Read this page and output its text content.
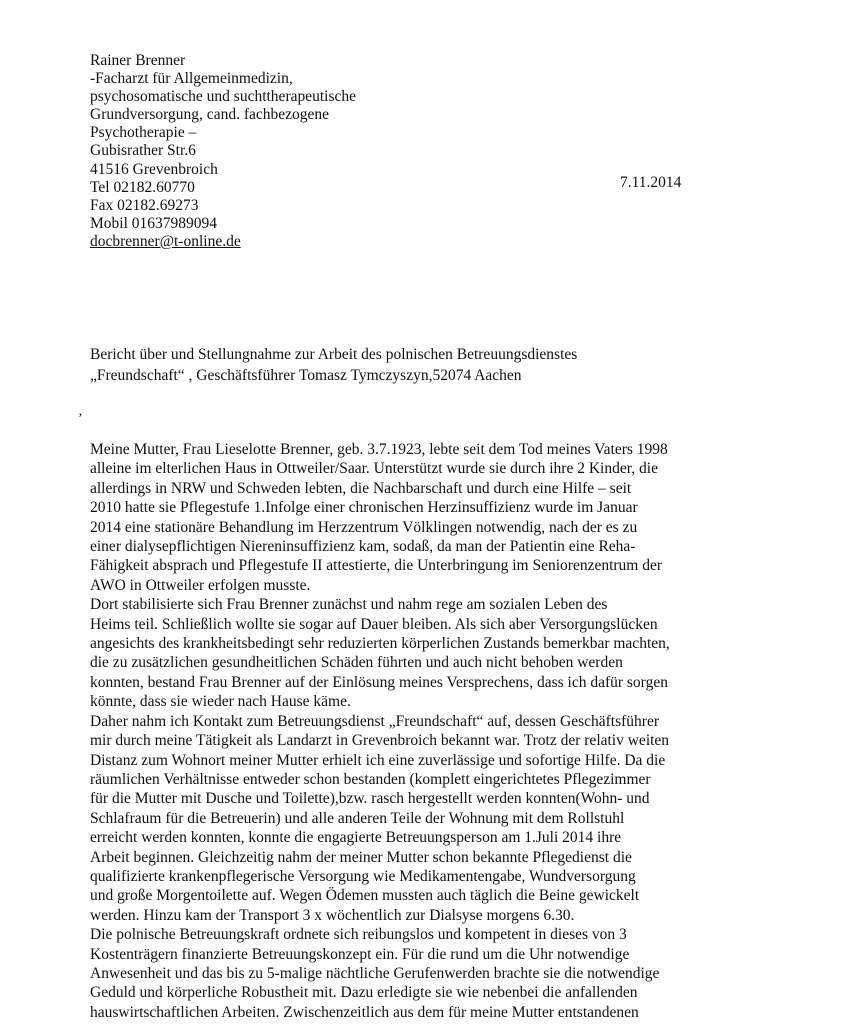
Rainer Brenner
-Facharzt für Allgemeinmedizin,
psychosomatische und suchttherapeutische
Grundversorgung, cand. fachbezogene
Psychotherapie –
Gubisrather Str.6
41516 Grevenbroich
Tel 02182.60770
Fax 02182.69273
Mobil 01637989094
docbrenner@t-online.de
7.11.2014
Bericht über und Stellungnahme zur Arbeit des polnischen Betreuungsdienstes
„Freundschaft“ , Geschäftsführer Tomasz Tymczyszyn,52074 Aachen
‚
Meine Mutter, Frau Lieselotte Brenner, geb. 3.7.1923, lebte seit dem Tod meines Vaters 1998
alleine im elterlichen Haus in Ottweiler/Saar. Unterstützt wurde sie durch ihre 2 Kinder, die
allerdings in NRW und Schweden lebten, die Nachbarschaft und durch eine Hilfe – seit
2010 hatte sie Pflegestufe 1.Infolge einer chronischen Herzinsuffizienz wurde im Januar
2014 eine stationäre Behandlung im Herzzentrum Völklingen notwendig, nach der es zu
einer dialysepflichtigen Niereninsuffizienz kam, sodaß, da man der Patientin eine Reha-
Fähigkeit absprach und Pflegestufe II attestierte, die Unterbringung im Seniorenzentrum der
AWO in Ottweiler erfolgen musste.
Dort stabilisierte sich Frau Brenner zunächst und nahm rege am sozialen Leben des
Heims teil. Schließlich wollte sie sogar auf Dauer bleiben. Als sich aber Versorgungslücken
angesichts des krankheitsbedingt sehr reduzierten körperlichen Zustands bemerkbar machten,
die zu zusätzlichen gesundheitlichen Schäden führten und auch nicht behoben werden
konnten, bestand Frau Brenner auf der Einlösung meines Versprechens, dass ich dafür sorgen
könnte, dass sie wieder nach Hause käme.
Daher nahm ich Kontakt zum Betreuungsdienst „Freundschaft“ auf, dessen Geschäftsführer
mir durch meine Tätigkeit als Landarzt in Grevenbroich bekannt war. Trotz der relativ weiten
Distanz zum Wohnort meiner Mutter erhielt ich eine zuverlässige und sofortige Hilfe. Da die
räumlichen Verhältnisse entweder schon bestanden (komplett eingerichtetes Pflegezimmer
für die Mutter mit Dusche und Toilette),bzw. rasch hergestellt werden konnten(Wohn- und
Schlafraum für die Betreuerin) und alle anderen Teile der Wohnung mit dem Rollstuhl
erreicht werden konnten, konnte die engagierte Betreuungsperson am 1.Juli 2014 ihre
Arbeit beginnen. Gleichzeitig nahm der meiner Mutter schon bekannte Pflegedienst die
qualifizierte krankenpflegerische Versorgung wie Medikamentengabe, Wundversorgung
und große Morgentoilette auf. Wegen Ödemen mussten auch täglich die Beine gewickelt
werden. Hinzu kam der Transport 3 x wöchentlich zur Dialsyse morgens 6.30.
Die polnische Betreuungskraft ordnete sich reibungslos und kompetent in dieses von 3
Kostenträgern finanzierte Betreuungskonzept ein. Für die rund um die Uhr notwendige
Anwesenheit und das bis zu 5-malige nächtliche Gerufenwerden brachte sie die notwendige
Geduld und körperliche Robustheit mit. Dazu erledigte sie wie nebenbei die anfallenden
hauswirtschaftlichen Arbeiten. Zwischenzeitlich aus dem für meine Mutter entstandenen
